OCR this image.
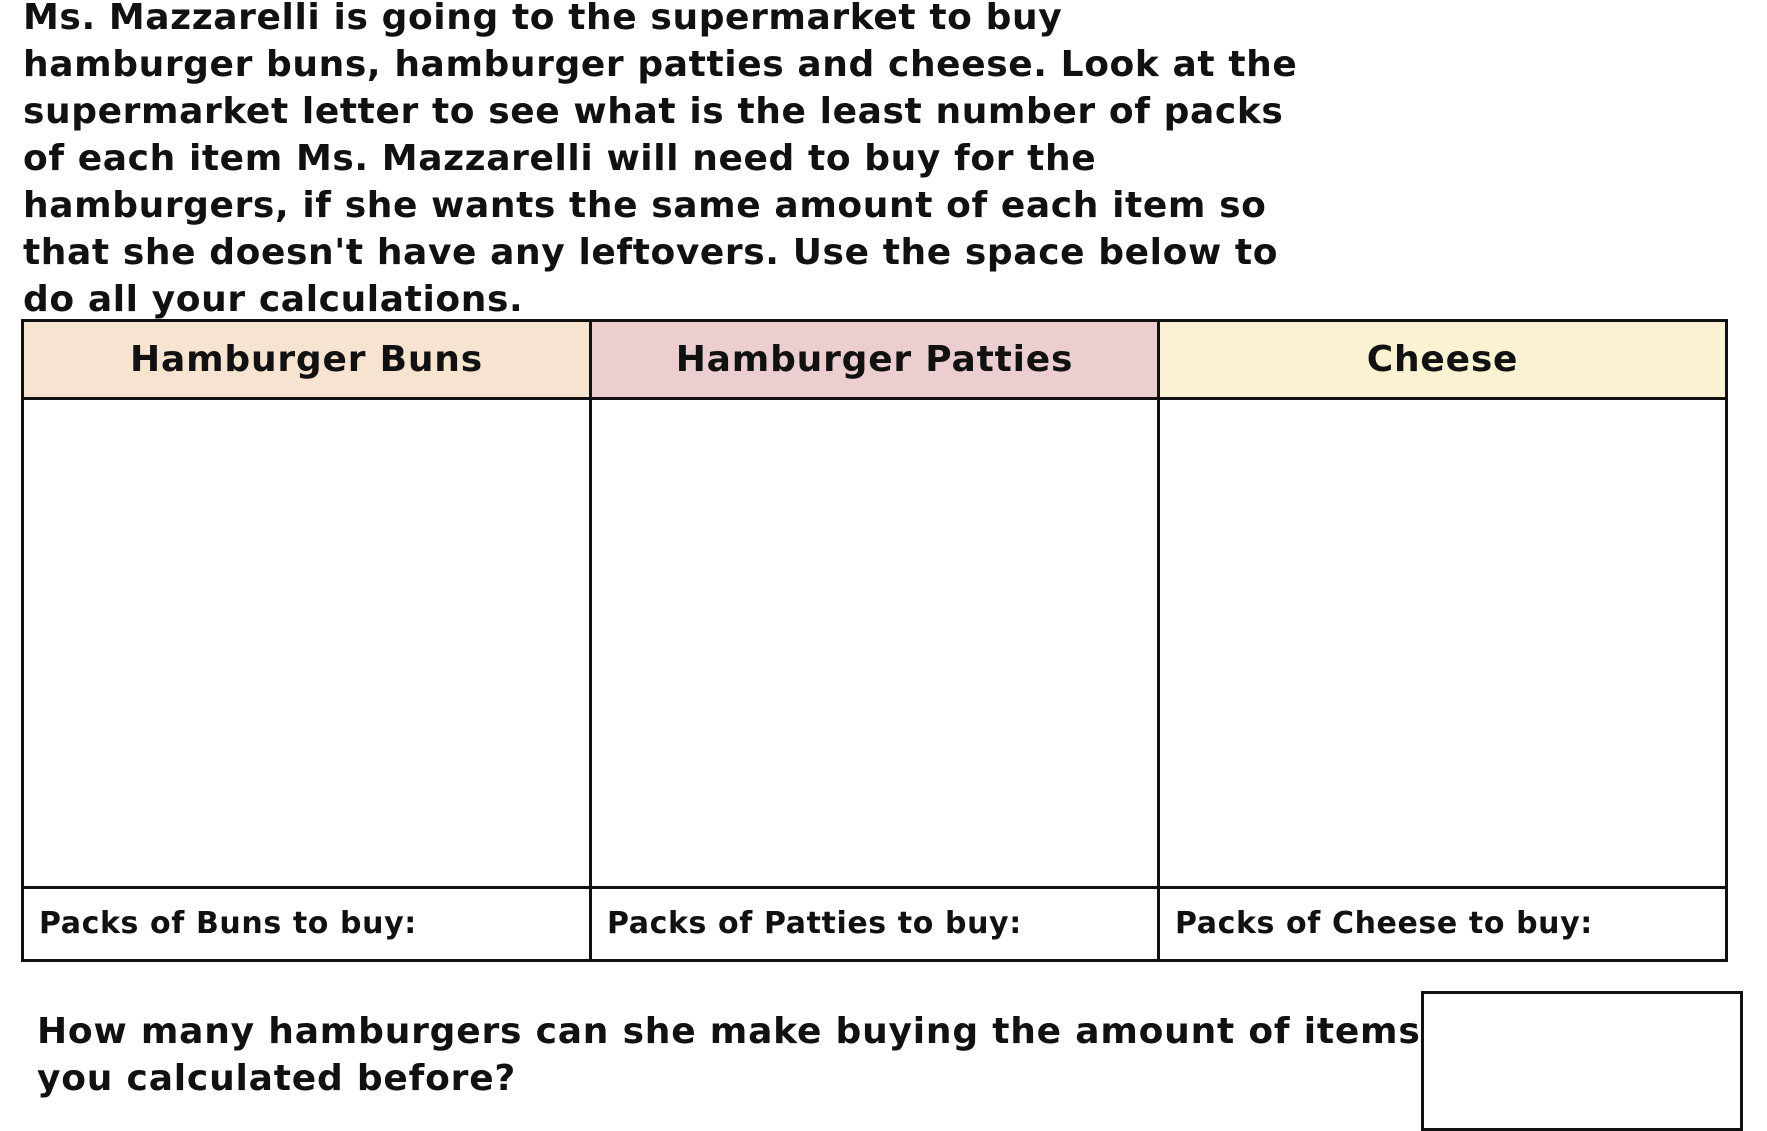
Ms. Mazzarelli is going to the supermarket to buy hamburger buns, hamburger patties and cheese. Look at the supermarket letter to see what is the least number of packs of each item Ms. Mazzarelli will need to buy for the hamburgers, if she wants the same amount of each item so that she doesn't have any leftovers. Use the space below to do all your calculations.

Hamburger Buns	Hamburger Patties	Cheese

Packs of Buns to buy:	Packs of Patties to buy:	Packs of Cheese to buy:

How many hamburgers can she make buying the amount of items you calculated before?
